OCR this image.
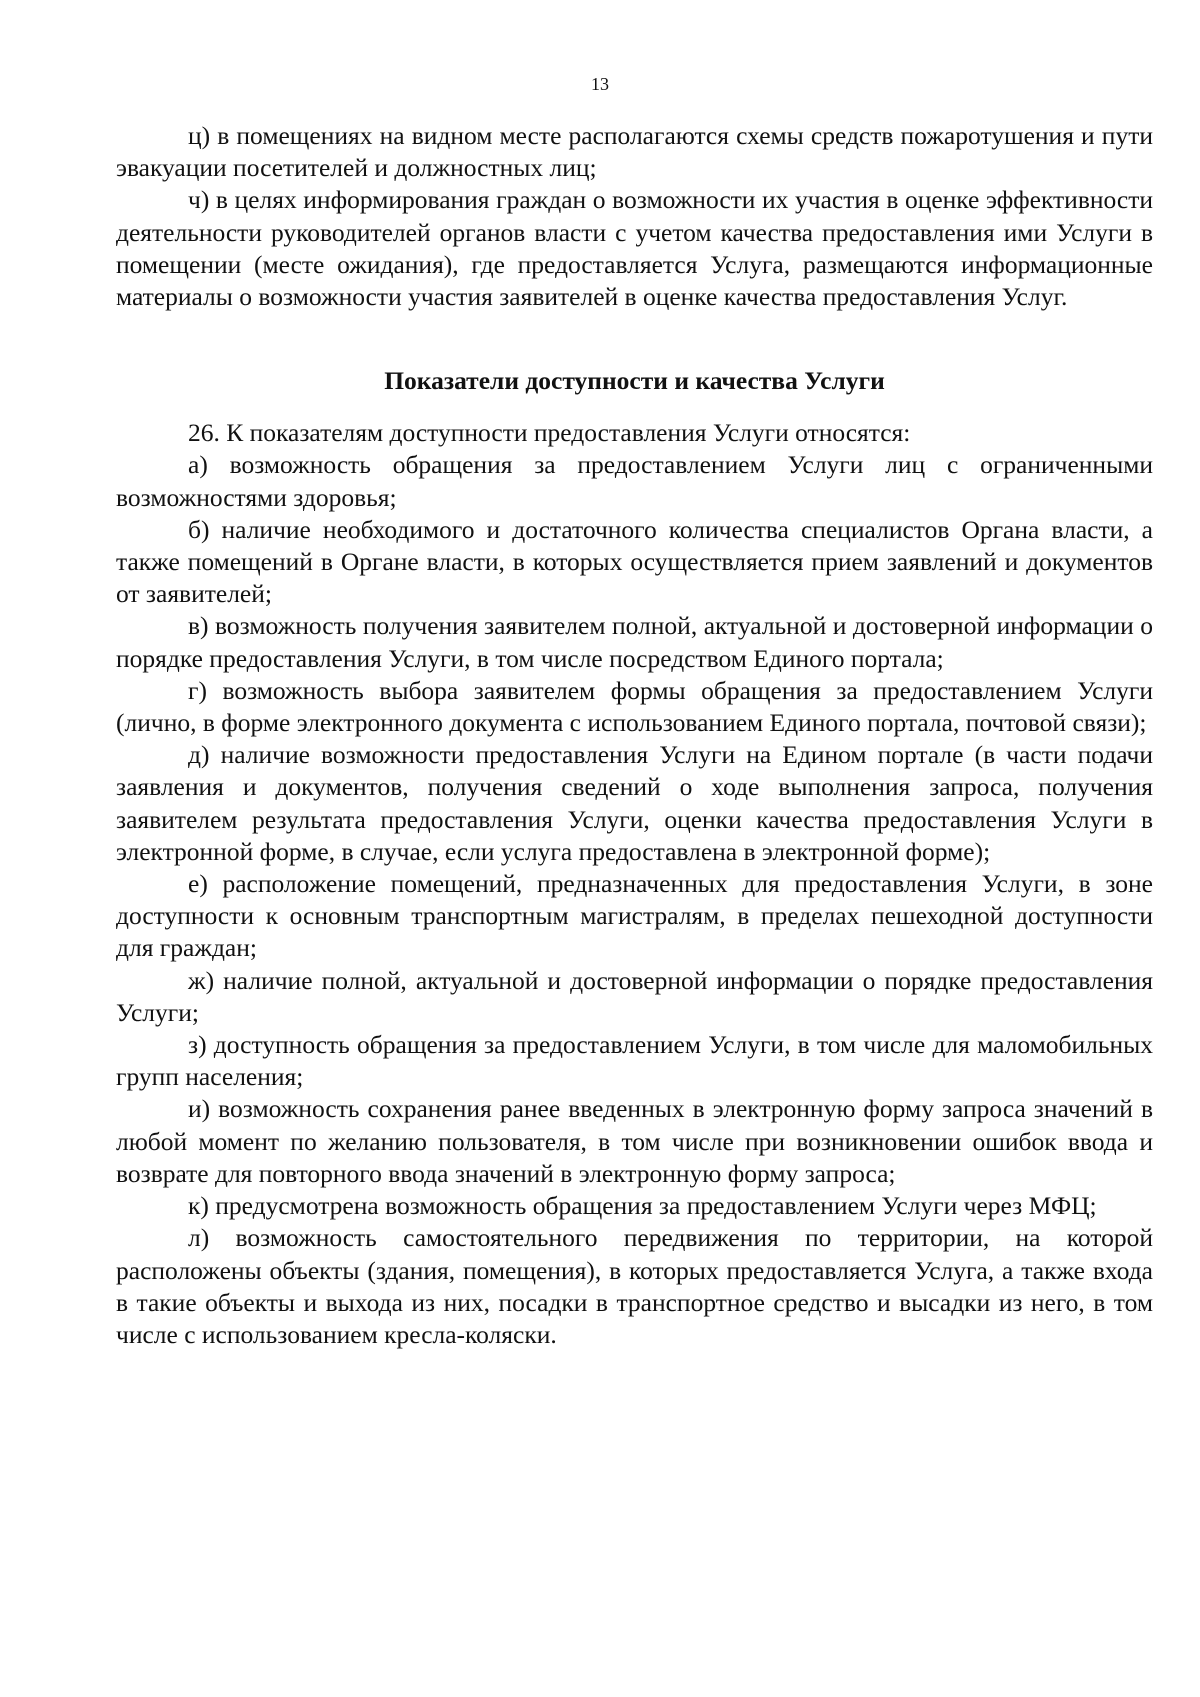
13

ц) в помещениях на видном месте располагаются схемы средств пожаротушения и пути эвакуации посетителей и должностных лиц;

ч) в целях информирования граждан о возможности их участия в оценке эффективности деятельности руководителей органов власти с учетом качества предоставления ими Услуги в помещении (месте ожидания), где предоставляется Услуга, размещаются информационные материалы о возможности участия заявителей в оценке качества предоставления Услуг.

Показатели доступности и качества Услуги

26. К показателям доступности предоставления Услуги относятся:

а) возможность обращения за предоставлением Услуги лиц с ограниченными возможностями здоровья;

б) наличие необходимого и достаточного количества специалистов Органа власти, а также помещений в Органе власти, в которых осуществляется прием заявлений и документов от заявителей;

в) возможность получения заявителем полной, актуальной и достоверной информации о порядке предоставления Услуги, в том числе посредством Единого портала;

г) возможность выбора заявителем формы обращения за предоставлением Услуги (лично, в форме электронного документа с использованием Единого портала, почтовой связи);

д) наличие возможности предоставления Услуги на Едином портале (в части подачи заявления и документов, получения сведений о ходе выполнения запроса, получения заявителем результата предоставления Услуги, оценки качества предоставления Услуги в электронной форме, в случае, если услуга предоставлена в электронной форме);

е) расположение помещений, предназначенных для предоставления Услуги, в зоне доступности к основным транспортным магистралям, в пределах пешеходной доступности для граждан;

ж) наличие полной, актуальной и достоверной информации о порядке предоставления Услуги;

з) доступность обращения за предоставлением Услуги, в том числе для маломобильных групп населения;

и) возможность сохранения ранее введенных в электронную форму запроса значений в любой момент по желанию пользователя, в том числе при возникновении ошибок ввода и возврате для повторного ввода значений в электронную форму запроса;

к) предусмотрена возможность обращения за предоставлением Услуги через МФЦ;

л) возможность самостоятельного передвижения по территории, на которой расположены объекты (здания, помещения), в которых предоставляется Услуга, а также входа в такие объекты и выхода из них, посадки в транспортное средство и высадки из него, в том числе с использованием кресла-коляски.
